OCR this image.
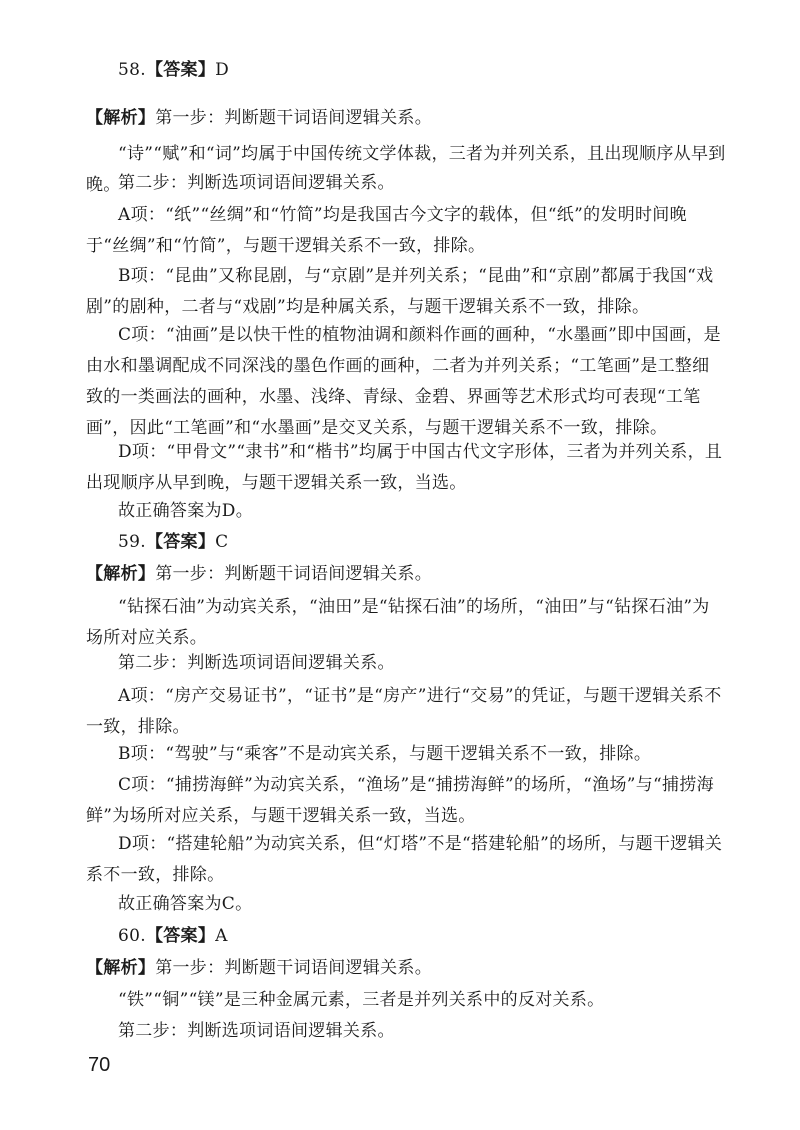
58.【答案】D

【解析】第一步：判断题干词语间逻辑关系。

“诗”“赋”和“词”均属于中国传统文学体裁，三者为并列关系，且出现顺序从早到晚。

第二步：判断选项词语间逻辑关系。

A项：“纸”“丝绸”和“竹简”均是我国古今文字的载体，但“纸”的发明时间晚于“丝绸”和“竹简”，与题干逻辑关系不一致，排除。

B项：“昆曲”又称昆剧，与“京剧”是并列关系；“昆曲”和“京剧”都属于我国“戏剧”的剧种，二者与“戏剧”均是种属关系，与题干逻辑关系不一致，排除。

C项：“油画”是以快干性的植物油调和颜料作画的画种，“水墨画”即中国画，是由水和墨调配成不同深浅的墨色作画的画种，二者为并列关系；“工笔画”是工整细致的一类画法的画种，水墨、浅绛、青绿、金碧、界画等艺术形式均可表现“工笔画”，因此“工笔画”和“水墨画”是交叉关系，与题干逻辑关系不一致，排除。

D项：“甲骨文”“隶书”和“楷书”均属于中国古代文字形体，三者为并列关系，且出现顺序从早到晚，与题干逻辑关系一致，当选。

故正确答案为D。

59.【答案】C

【解析】第一步：判断题干词语间逻辑关系。

“钻探石油”为动宾关系，“油田”是“钻探石油”的场所，“油田”与“钻探石油”为场所对应关系。

第二步：判断选项词语间逻辑关系。

A项：“房产交易证书”，“证书”是“房产”进行“交易”的凭证，与题干逻辑关系不一致，排除。

B项：“驾驶”与“乘客”不是动宾关系，与题干逻辑关系不一致，排除。

C项：“捕捞海鲜”为动宾关系，“渔场”是“捕捞海鲜”的场所，“渔场”与“捕捞海鲜”为场所对应关系，与题干逻辑关系一致，当选。

D项：“搭建轮船”为动宾关系，但“灯塔”不是“搭建轮船”的场所，与题干逻辑关系不一致，排除。

故正确答案为C。

60.【答案】A

【解析】第一步：判断题干词语间逻辑关系。

“铁”“铜”“镁”是三种金属元素，三者是并列关系中的反对关系。

第二步：判断选项词语间逻辑关系。

70
